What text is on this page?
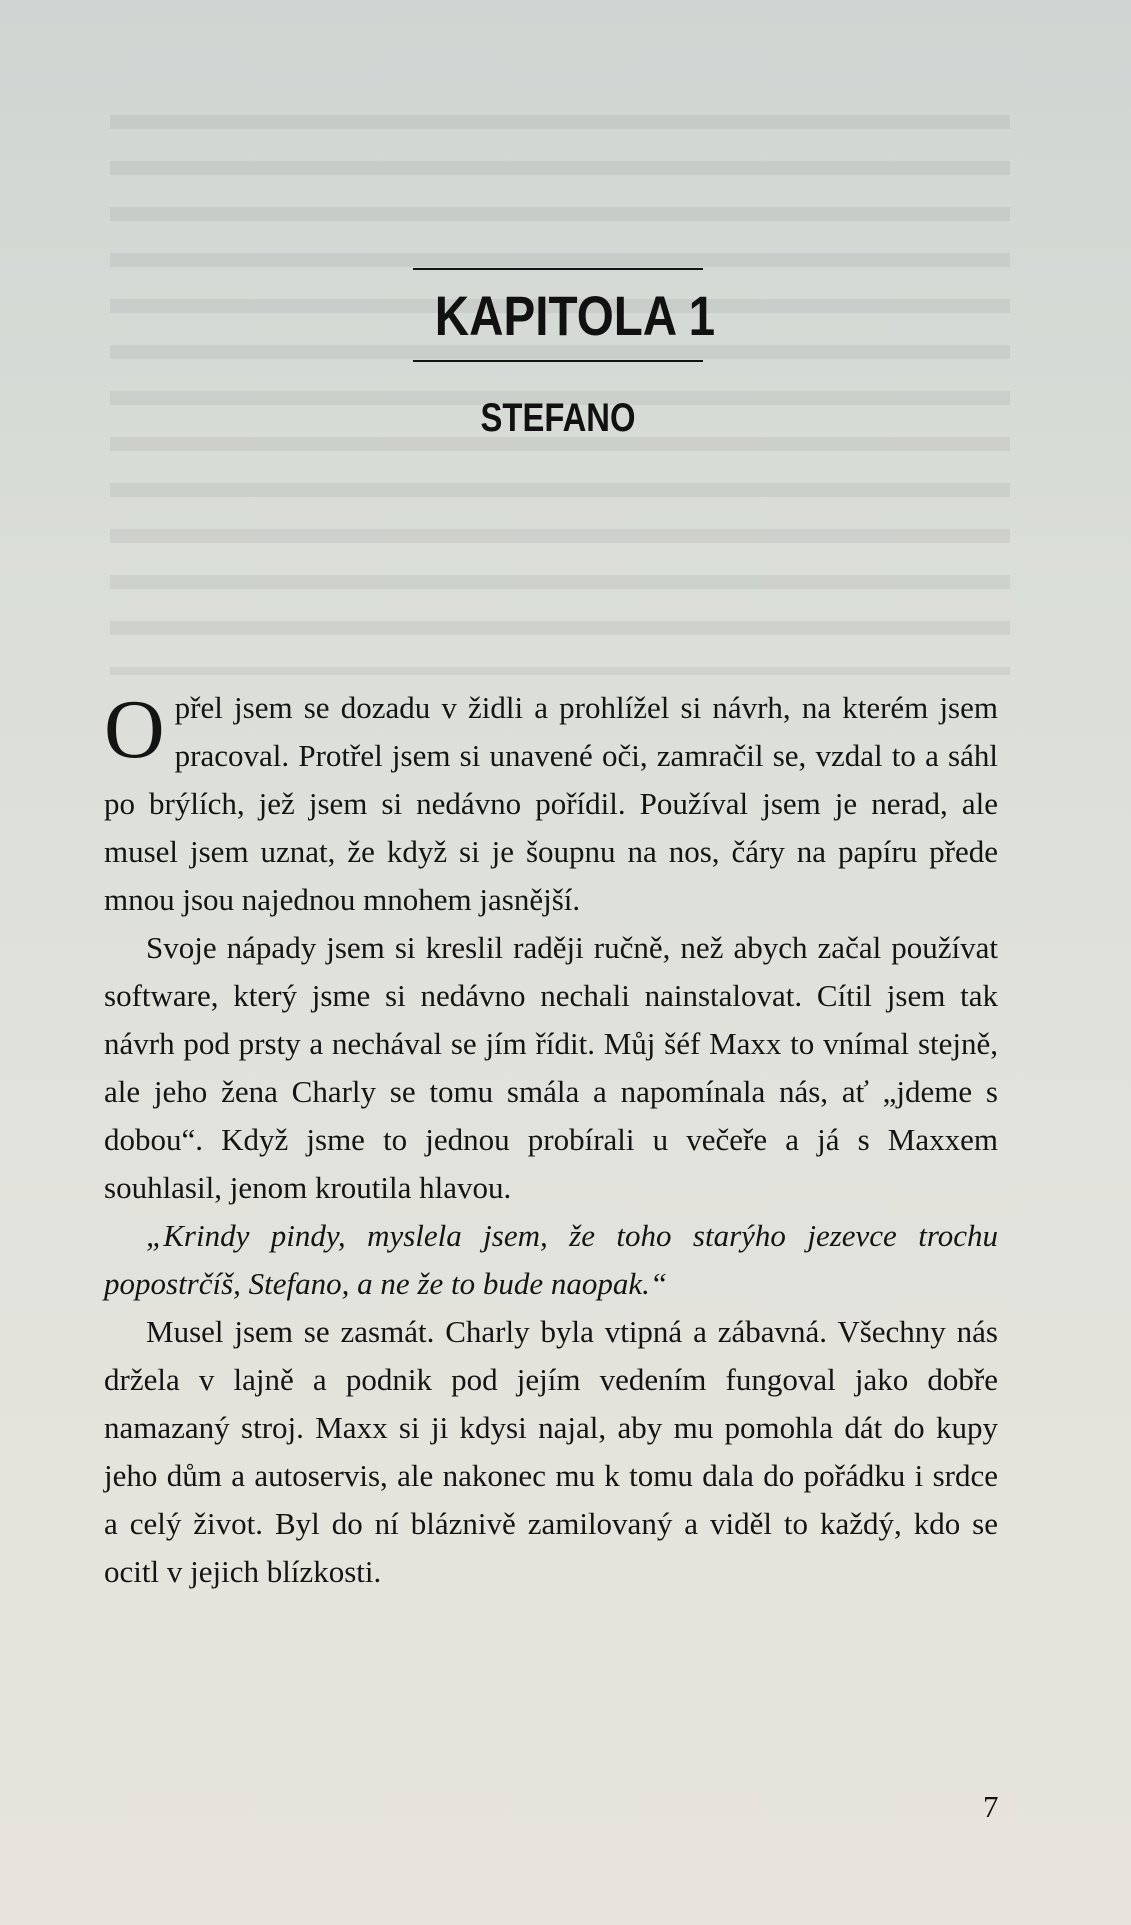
KAPITOLA 1
STEFANO

O přel jsem se dozadu v židli a prohlížel si návrh, na kterém jsem pracoval. Protřel jsem si unavené oči, zamračil se, vzdal to a sáhl po brýlích, jež jsem si nedávno pořídil. Používal jsem je nerad, ale musel jsem uznat, že když si je šoupnu na nos, čáry na papíru přede mnou jsou najednou mnohem jasnější.

Svoje nápady jsem si kreslil raději ručně, než abych začal používat software, který jsme si nedávno nechali nainstalovat. Cítil jsem tak návrh pod prsty a nechával se jím řídit. Můj šéf Maxx to vnímal stejně, ale jeho žena Charly se tomu smála a napomínala nás, ať „jdeme s dobou“. Když jsme to jednou probírali u večeře a já s Maxxem souhlasil, jenom kroutila hlavou.

„Krindy pindy, myslela jsem, že toho starýho jezevce trochu popostrčíš, Stefano, a ne že to bude naopak.“

Musel jsem se zasmát. Charly byla vtipná a zábavná. Všechny nás držela v lajně a podnik pod jejím vedením fungoval jako dobře namazaný stroj. Maxx si ji kdysi najal, aby mu pomohla dát do kupy jeho dům a autoservis, ale nakonec mu k tomu dala do pořádku i srdce a celý život. Byl do ní bláznivě zamilovaný a viděl to každý, kdo se ocitl v jejich blízkosti.

7
